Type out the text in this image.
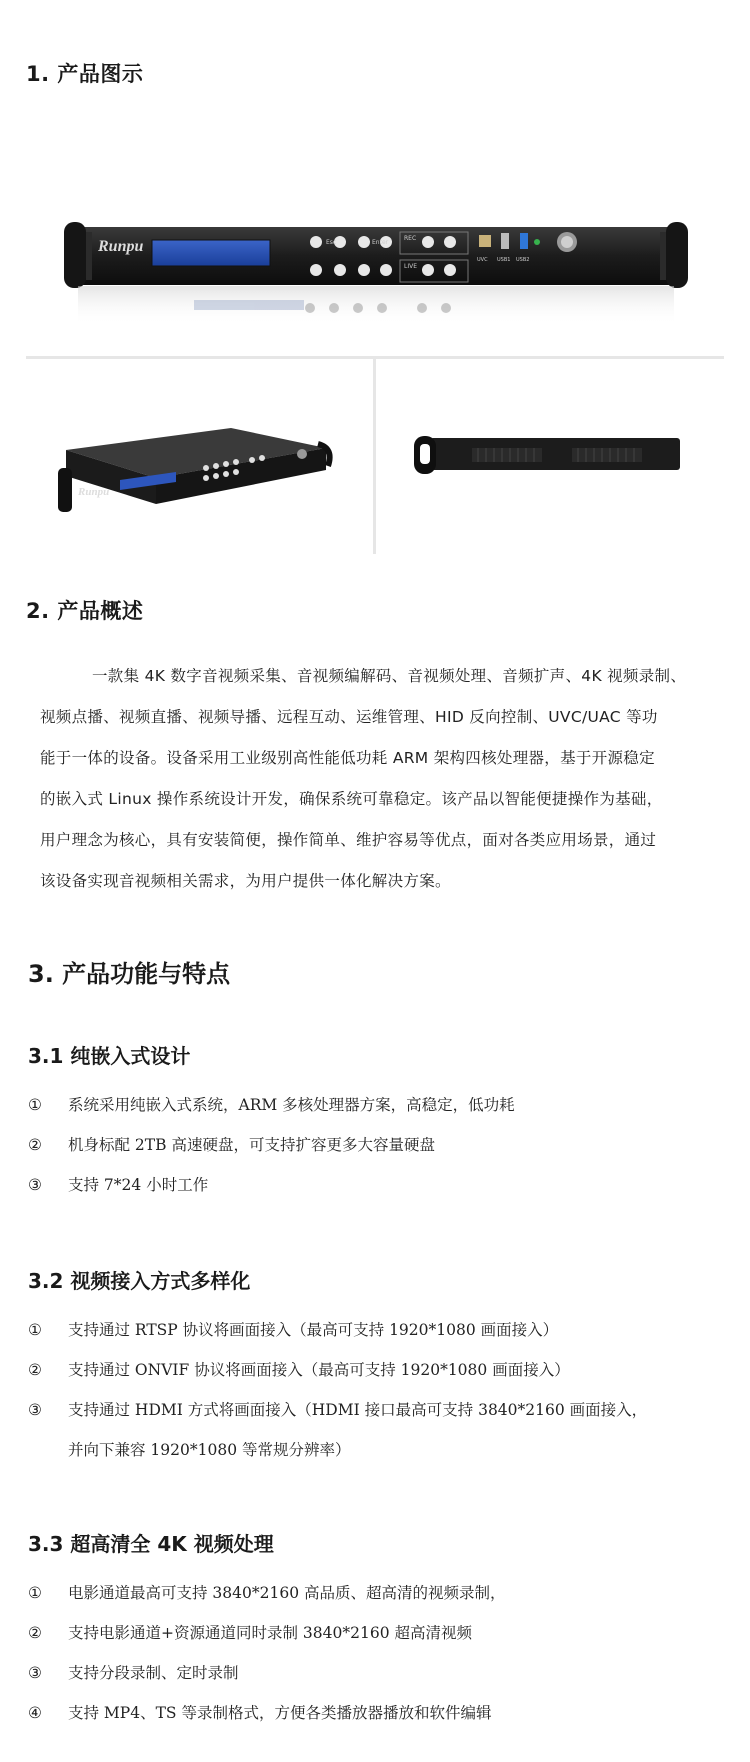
1. 产品图示
Runpu	Esc	Enter
REC
LIVE
UVC USB1 USB2
Runpu
2. 产品概述
一款集 4K 数字音视频采集、音视频编解码、音视频处理、音频扩声、4K 视频录制、
视频点播、视频直播、视频导播、远程互动、运维管理、HID 反向控制、UVC/UAC 等功
能于一体的设备。设备采用工业级别高性能低功耗 ARM 架构四核处理器，基于开源稳定
的嵌入式 Linux 操作系统设计开发，确保系统可靠稳定。该产品以智能便捷操作为基础，
用户理念为核心，具有安装简便，操作简单、维护容易等优点，面对各类应用场景，通过
该设备实现音视频相关需求，为用户提供一体化解决方案。
3. 产品功能与特点
3.1 纯嵌入式设计
① 系统采用纯嵌入式系统，ARM 多核处理器方案，高稳定，低功耗
② 机身标配 2TB 高速硬盘，可支持扩容更多大容量硬盘
③ 支持 7*24 小时工作
3.2 视频接入方式多样化
① 支持通过 RTSP 协议将画面接入（最高可支持 1920*1080 画面接入）
② 支持通过 ONVIF 协议将画面接入（最高可支持 1920*1080 画面接入）
③ 支持通过 HDMI 方式将画面接入（HDMI 接口最高可支持 3840*2160 画面接入，
并向下兼容 1920*1080 等常规分辨率）
3.3 超高清全 4K 视频处理
① 电影通道最高可支持 3840*2160 高品质、超高清的视频录制，
② 支持电影通道+资源通道同时录制 3840*2160 超高清视频
③ 支持分段录制、定时录制
④ 支持 MP4、TS 等录制格式，方便各类播放器播放和软件编辑
